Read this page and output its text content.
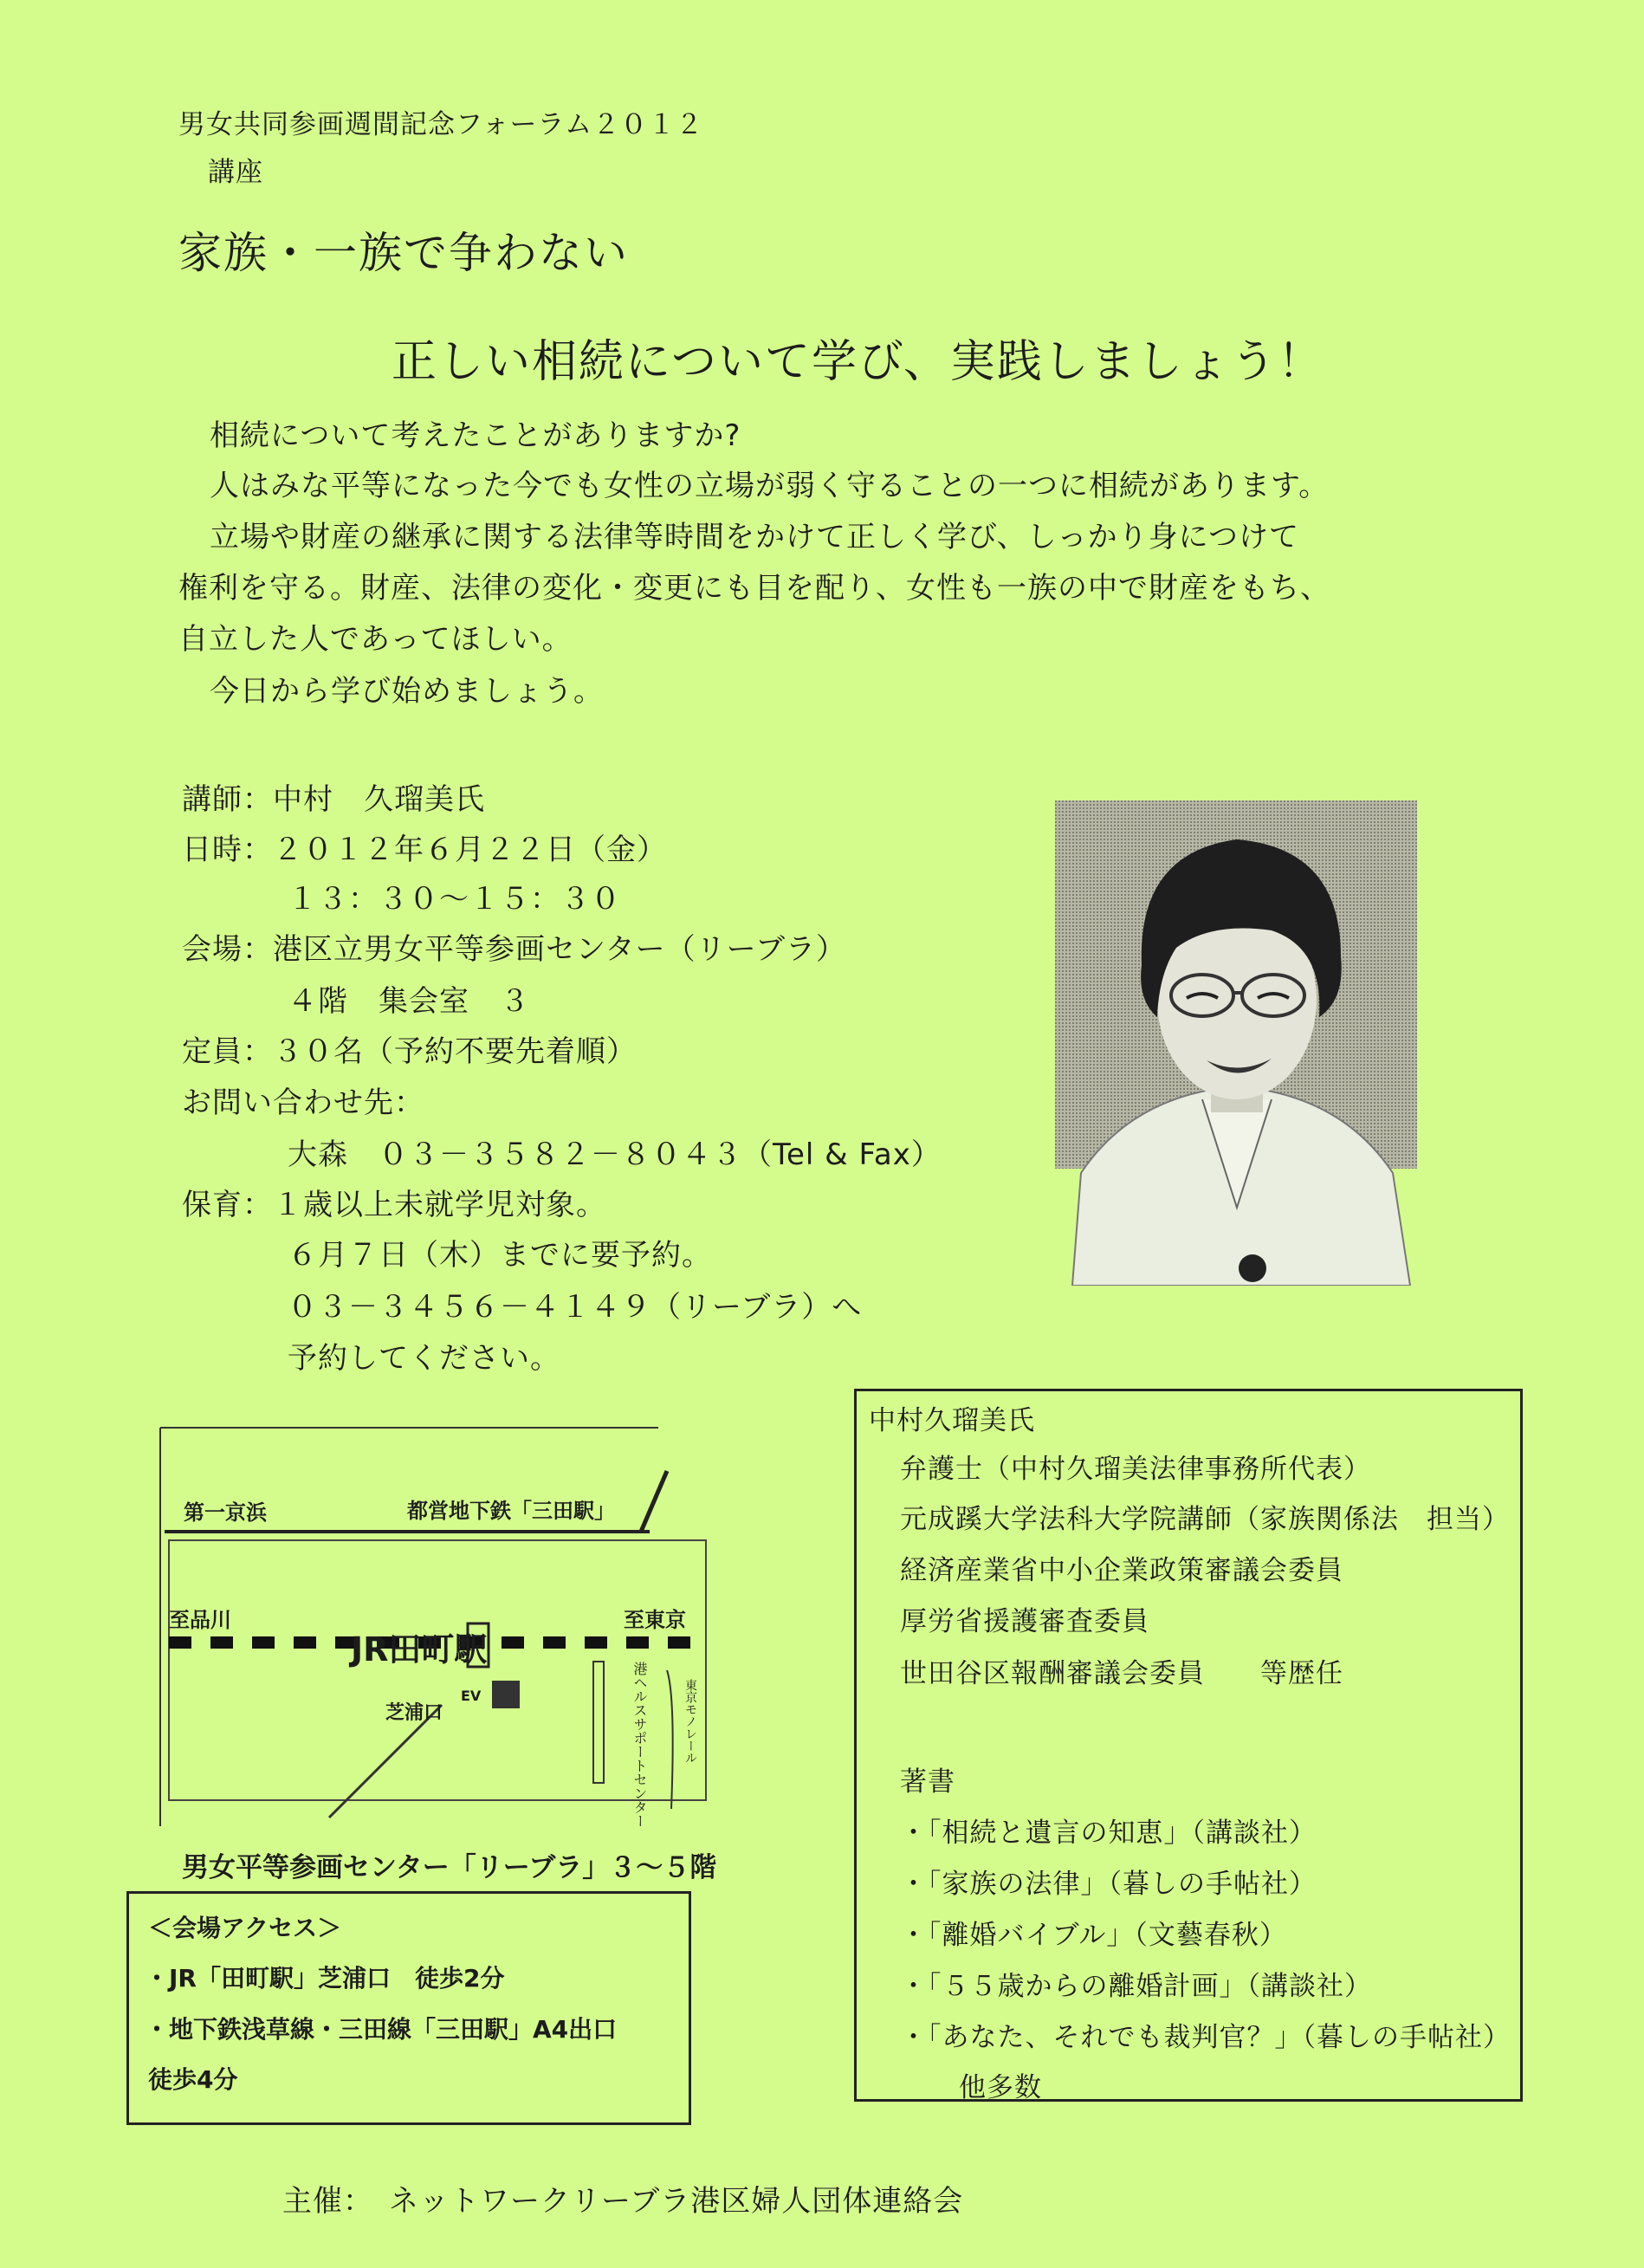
男女共同参画週間記念フォーラム２０１２
講座
家族・一族で争わない
正しい相続について学び、実践しましょう！
相続について考えたことがありますか?
人はみな平等になった今でも女性の立場が弱く守ることの一つに相続があります。
立場や財産の継承に関する法律等時間をかけて正しく学び、しっかり身につけて
権利を守る。財産、法律の変化・変更にも目を配り、女性も一族の中で財産をもち、
自立した人であってほしい。
今日から学び始めましょう。
講師：中村　久瑠美氏
日時：２０１２年６月２２日（金）
１３：３０～１５：３０
会場：港区立男女平等参画センター（リーブラ）
４階　集会室　３
定員：３０名（予約不要先着順）
お問い合わせ先：
大森　０３－３５８２－８０４３（Tel & Fax）
保育：１歳以上未就学児対象。
６月７日（木）までに要予約。
０３－３４５６－４１４９（リーブラ）へ
予約してください。
中村久瑠美氏
弁護士（中村久瑠美法律事務所代表）
元成蹊大学法科大学院講師（家族関係法　担当）
経済産業省中小企業政策審議会委員
厚労省援護審査委員
世田谷区報酬審議会委員　　等歴任
著書
・「相続と遺言の知恵」（講談社）
・「家族の法律」（暮しの手帖社）
・「離婚バイブル」（文藝春秋）
・「５５歳からの離婚計画」（講談社）
・「あなた、それでも裁判官？」（暮しの手帖社）
他多数
第一京浜	都営地下鉄「三田駅」
至品川	至東京
JR田町駅
芝浦口
EV	港ヘルスサポートセンター	東京モノレール
男女平等参画センター「リーブラ」３～５階
＜会場アクセス＞
・JR「田町駅」芝浦口　徒歩2分
・地下鉄浅草線・三田線「三田駅」A4出口
徒歩4分
主催：　ネットワークリーブラ港区婦人団体連絡会
